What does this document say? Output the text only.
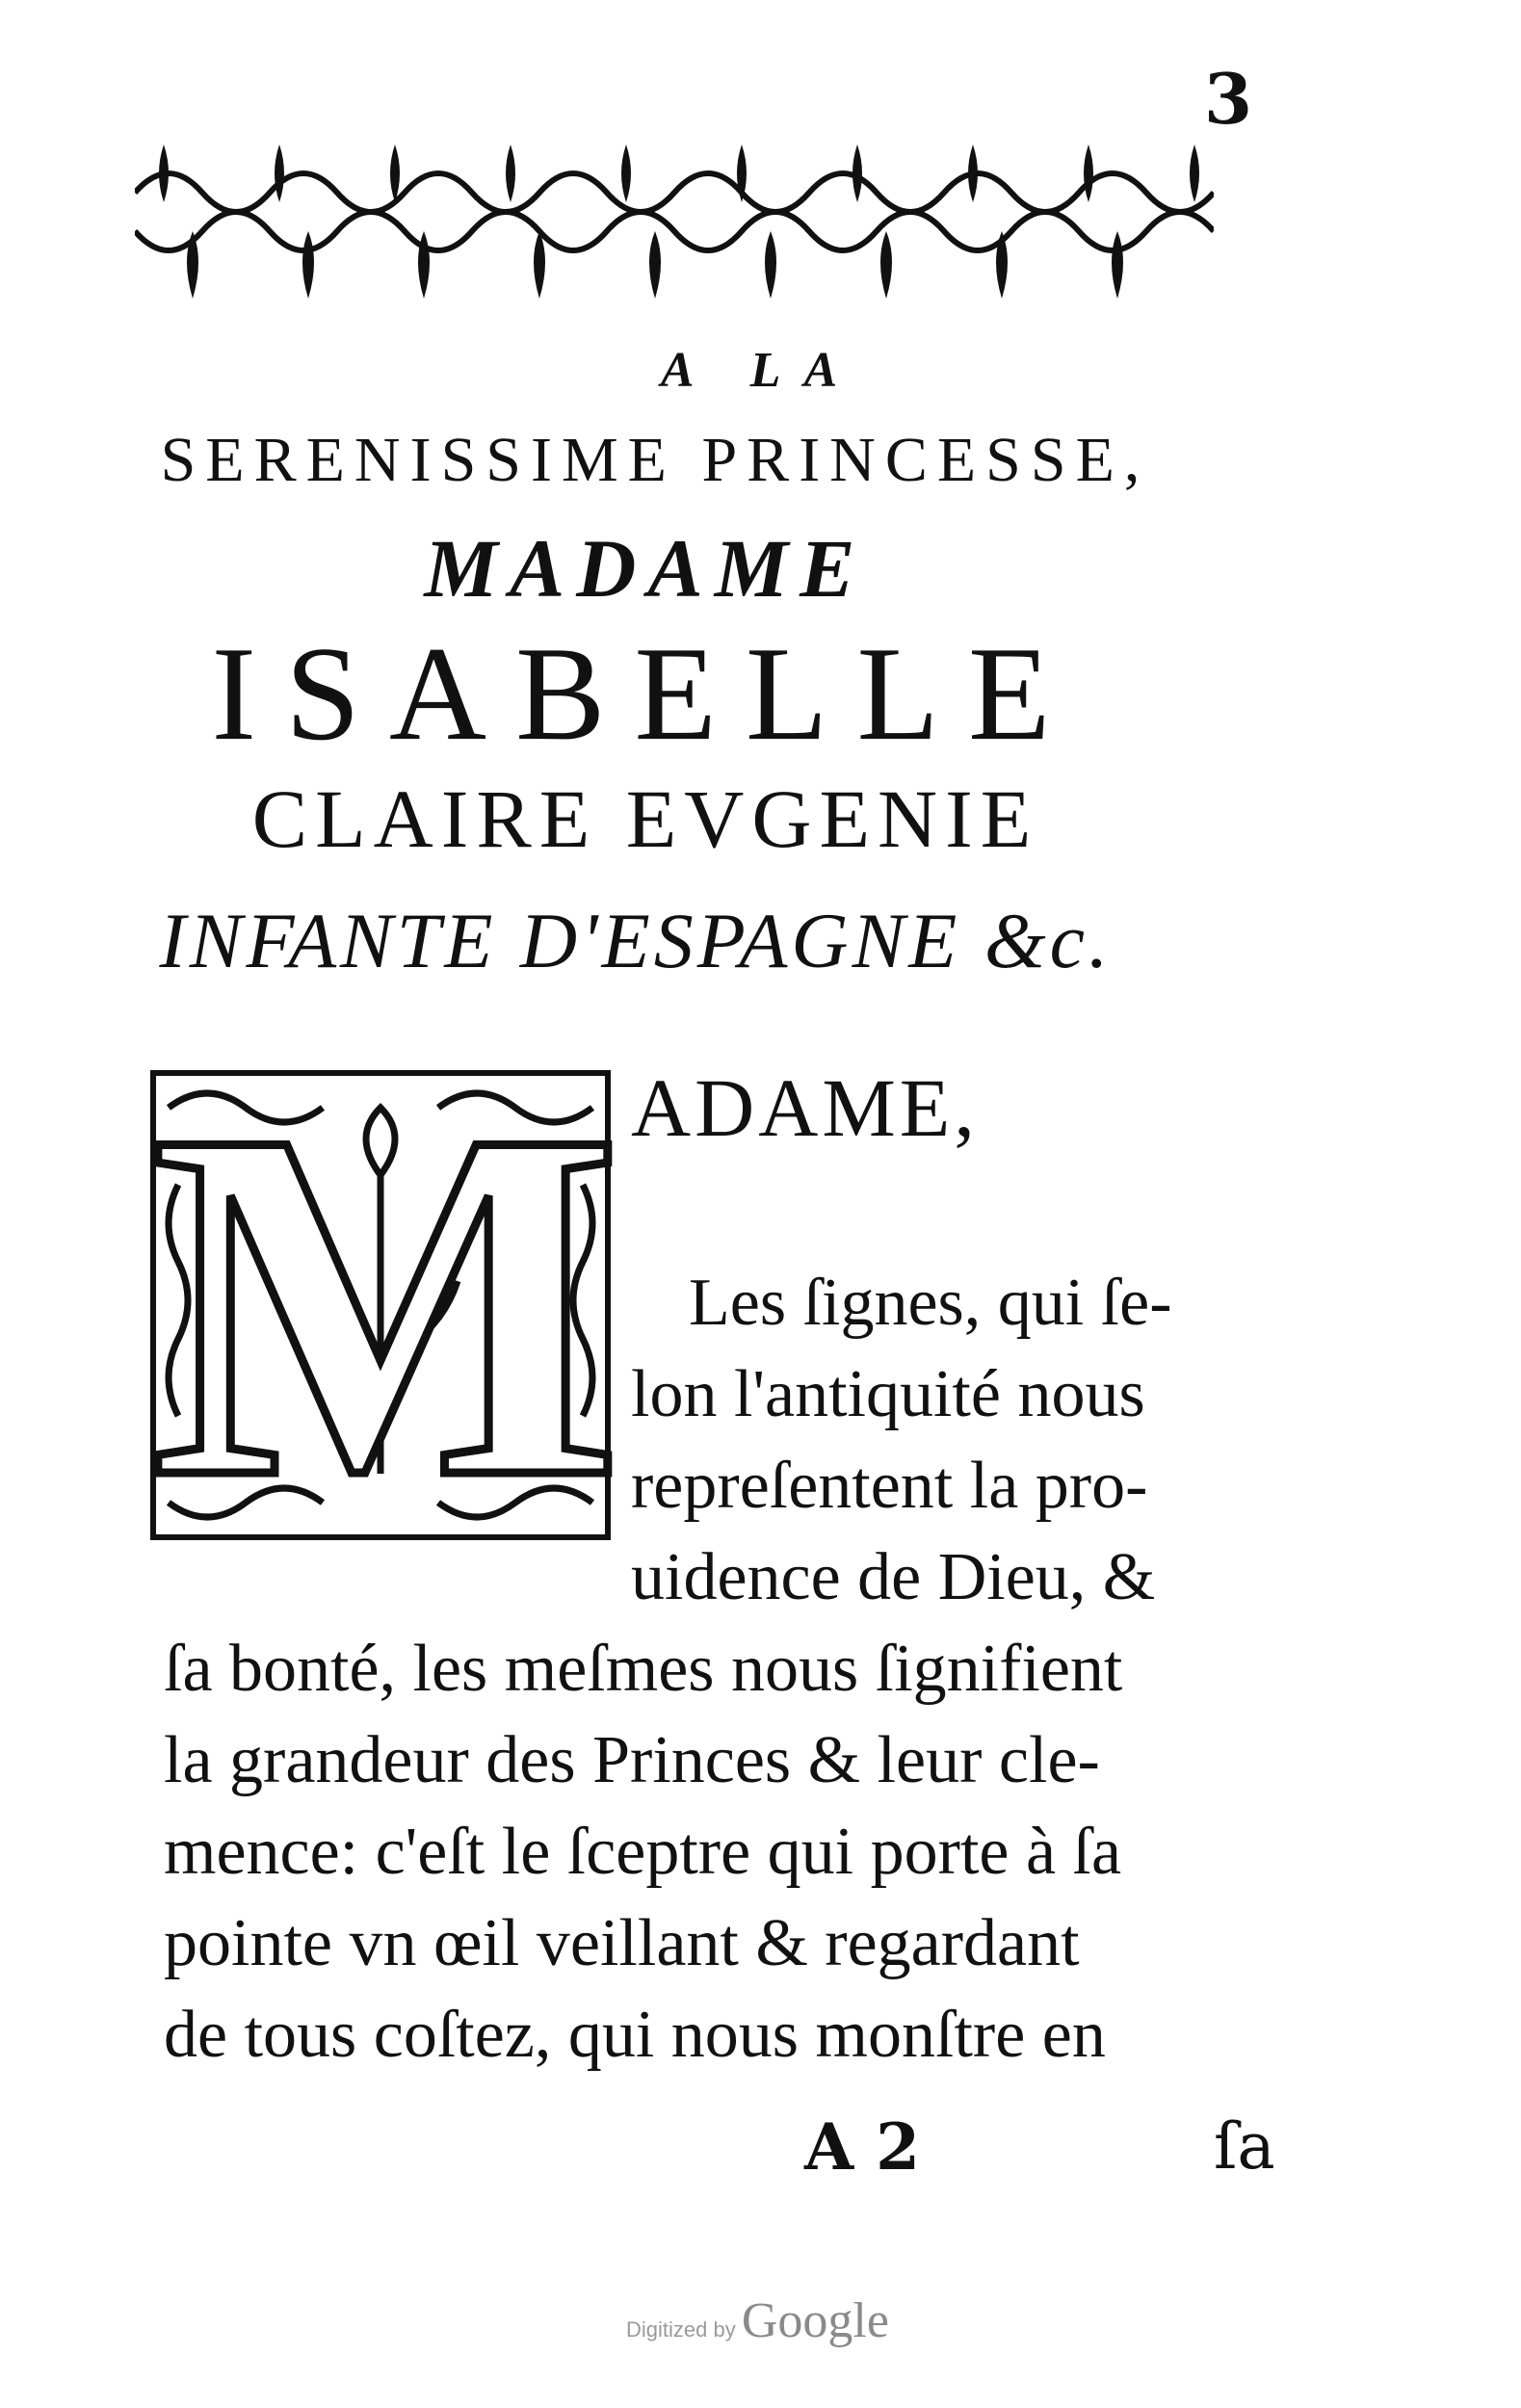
3
A LA
SERENISSIME PRINCESSE,
MADAME
ISABELLE
CLAIRE EVGENIE
INFANTE D'ESPAGNE &c.
M ADAME,
Les ſignes, qui ſe-
lon l'antiquité nous
repreſentent la pro-
uidence de Dieu, &
ſa bonté, les meſmes nous ſignifient
la grandeur des Princes & leur cle-
mence: c'eſt le ſceptre qui porte à ſa
pointe vn œil veillant & regardant
de tous coſtez, qui nous monſtre en
A 2	ſa
Digitized by Google
